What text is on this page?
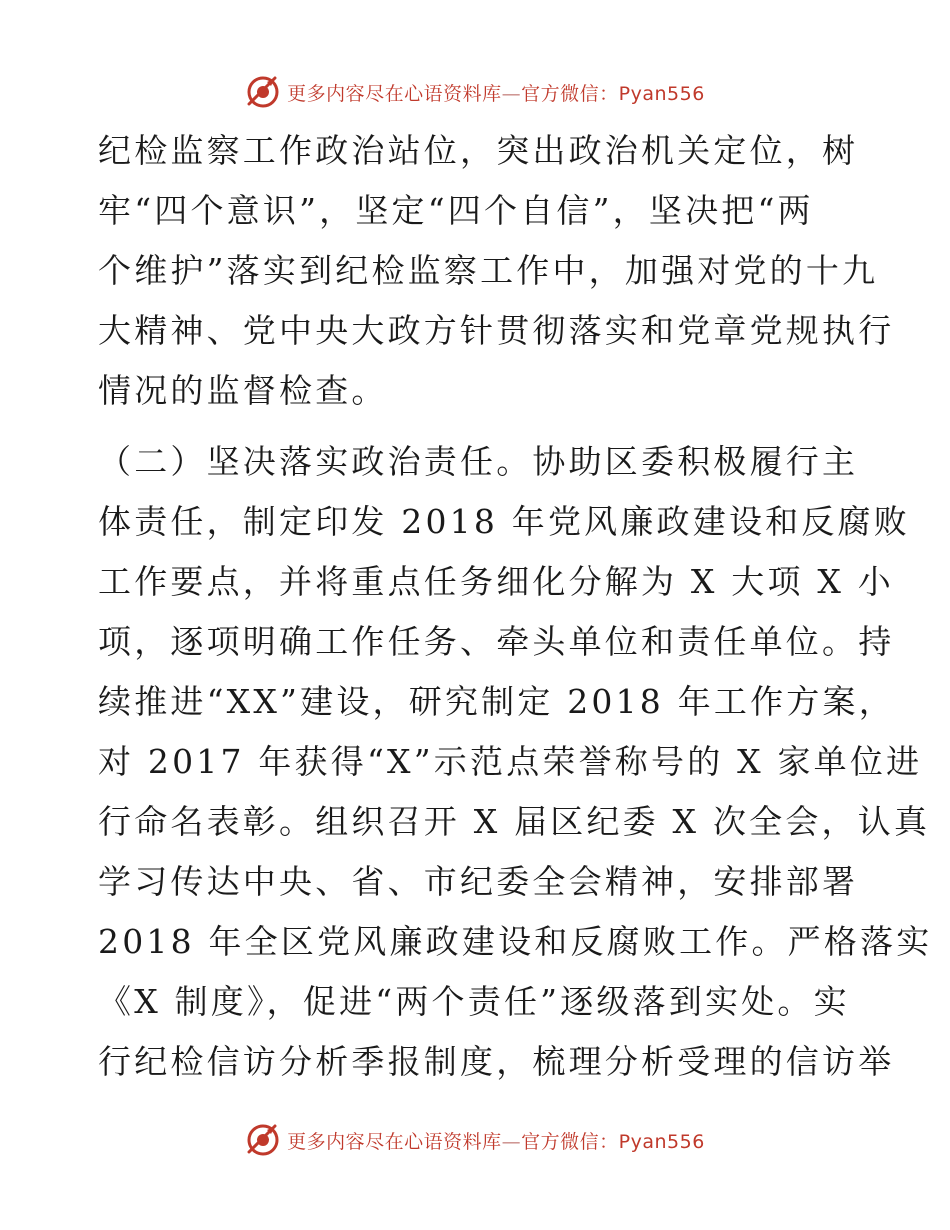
更多内容尽在心语资料库—官方微信：Pyan556
纪检监察工作政治站位，突出政治机关定位，树
牢“四个意识”，坚定“四个自信”，坚决把“两
个维护”落实到纪检监察工作中，加强对党的十九
大精神、党中央大政方针贯彻落实和党章党规执行
情况的监督检查。
（二）坚决落实政治责任。协助区委积极履行主
体责任，制定印发 2018 年党风廉政建设和反腐败
工作要点，并将重点任务细化分解为 X 大项 X 小
项，逐项明确工作任务、牵头单位和责任单位。持
续推进“XX”建设，研究制定 2018 年工作方案，
对 2017 年获得“X”示范点荣誉称号的 X 家单位进
行命名表彰。组织召开 X 届区纪委 X 次全会，认真
学习传达中央、省、市纪委全会精神，安排部署
2018 年全区党风廉政建设和反腐败工作。严格落实
《X 制度》，促进“两个责任”逐级落到实处。实
行纪检信访分析季报制度，梳理分析受理的信访举
更多内容尽在心语资料库—官方微信：Pyan556
